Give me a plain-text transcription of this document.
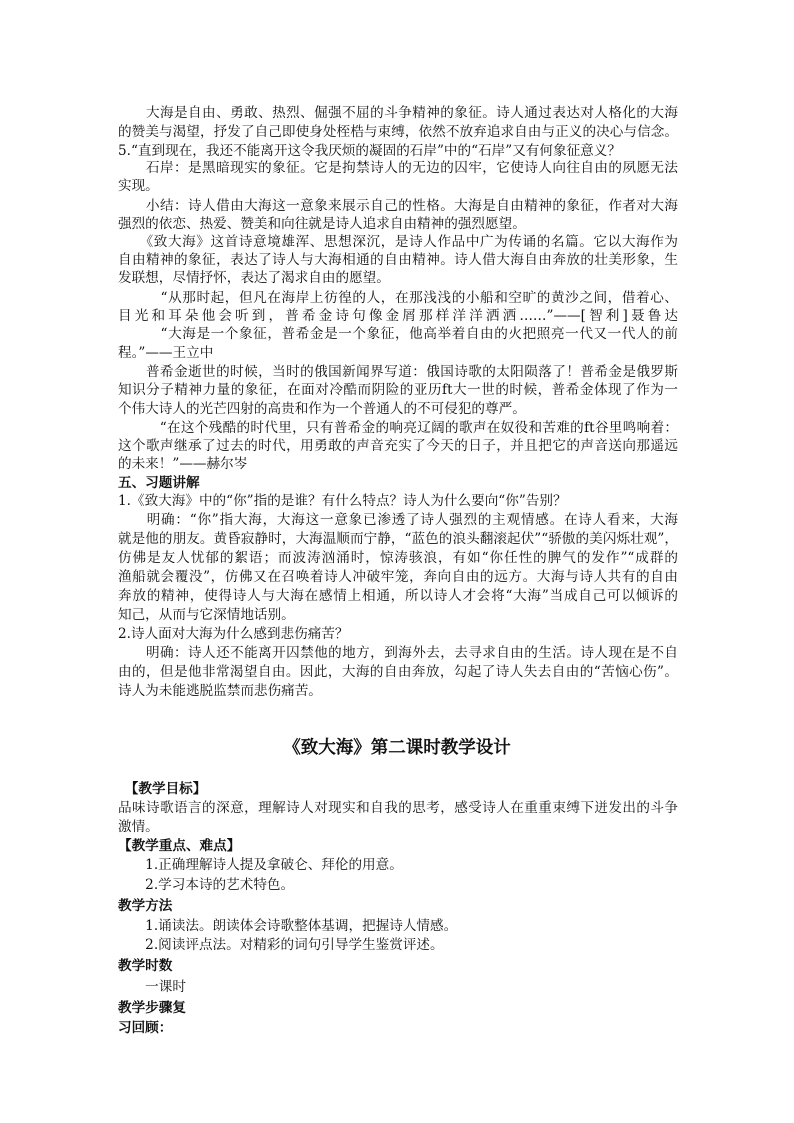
　　大海是自由、勇敢、热烈、倔强不屈的斗争精神的象征。诗人通过表达对人格化的大海
的赞美与渴望，抒发了自己即使身处桎梏与束缚，依然不放弃追求自由与正义的决心与信念。
5.“直到现在，我还不能离开这令我厌烦的凝固的石岸”中的“石岸”又有何象征意义？
　　石岸：是黑暗现实的象征。它是拘禁诗人的无边的囚牢，它使诗人向往自由的夙愿无法
实现。
　　小结：诗人借由大海这一意象来展示自己的性格。大海是自由精神的象征，作者对大海
强烈的依恋、热爱、赞美和向往就是诗人追求自由精神的强烈愿望。
　　《致大海》这首诗意境雄浑、思想深沉，是诗人作品中广为传诵的名篇。它以大海作为
自由精神的象征，表达了诗人与大海相通的自由精神。诗人借大海自由奔放的壮美形象，生
发联想，尽情抒怀，表达了渴求自由的愿望。
　　　“从那时起，但凡在海岸上彷徨的人，在那浅浅的小船和空旷的黄沙之间，借着心、
目光和耳朵他会听到，普希金诗句像金屑那样洋洋洒洒……”——[智利]聂鲁达
　　　“大海是一个象征，普希金是一个象征，他高举着自由的火把照亮一代又一代人的前
程。”——王立中
　　普希金逝世的时候，当时的俄国新闻界写道：俄国诗歌的太阳陨落了！普希金是俄罗斯
知识分子精神力量的象征，在面对冷酷而阴险的亚历ft大一世的时候，普希金体现了作为一
个伟大诗人的光芒四射的高贵和作为一个普通人的不可侵犯的尊严。
　　　“在这个残酷的时代里，只有普希金的响亮辽阔的歌声在奴役和苦难的ft谷里鸣响着：
这个歌声继承了过去的时代，用勇敢的声音充实了今天的日子，并且把它的声音送向那遥远
的未来！”——赫尔岑
五、习题讲解
1.《致大海》中的“你”指的是谁？有什么特点？诗人为什么要向“你”告别？
　　明确：“你”指大海，大海这一意象已渗透了诗人强烈的主观情感。在诗人看来，大海
就是他的朋友。黄昏寂静时，大海温顺而宁静，“蓝色的浪头翻滚起伏”“骄傲的美闪烁壮观”，
仿佛是友人忧郁的絮语；而波涛汹涌时，惊涛骇浪，有如“你任性的脾气的发作”“成群的
渔船就会覆没”，仿佛又在召唤着诗人冲破牢笼，奔向自由的远方。大海与诗人共有的自由
奔放的精神，使得诗人与大海在感情上相通，所以诗人才会将“大海”当成自己可以倾诉的
知己，从而与它深情地话别。
2.诗人面对大海为什么感到悲伤痛苦？
　　明确：诗人还不能离开囚禁他的地方，到海外去，去寻求自由的生活。诗人现在是不自
由的，但是他非常渴望自由。因此，大海的自由奔放，勾起了诗人失去自由的“苦恼心伤”。
诗人为未能逃脱监禁而悲伤痛苦。
《致大海》第二课时教学设计
　【教学目标】
品味诗歌语言的深意，理解诗人对现实和自我的思考，感受诗人在重重束缚下迸发出的斗争
激情。
【教学重点、难点】
　　1.正确理解诗人提及拿破仑、拜伦的用意。
　　2.学习本诗的艺术特色。
教学方法
　　1.诵读法。朗读体会诗歌整体基调，把握诗人情感。
　　2.阅读评点法。对精彩的词句引导学生鉴赏评述。
教学时数
　　一课时
教学步骤复
习回顾：
